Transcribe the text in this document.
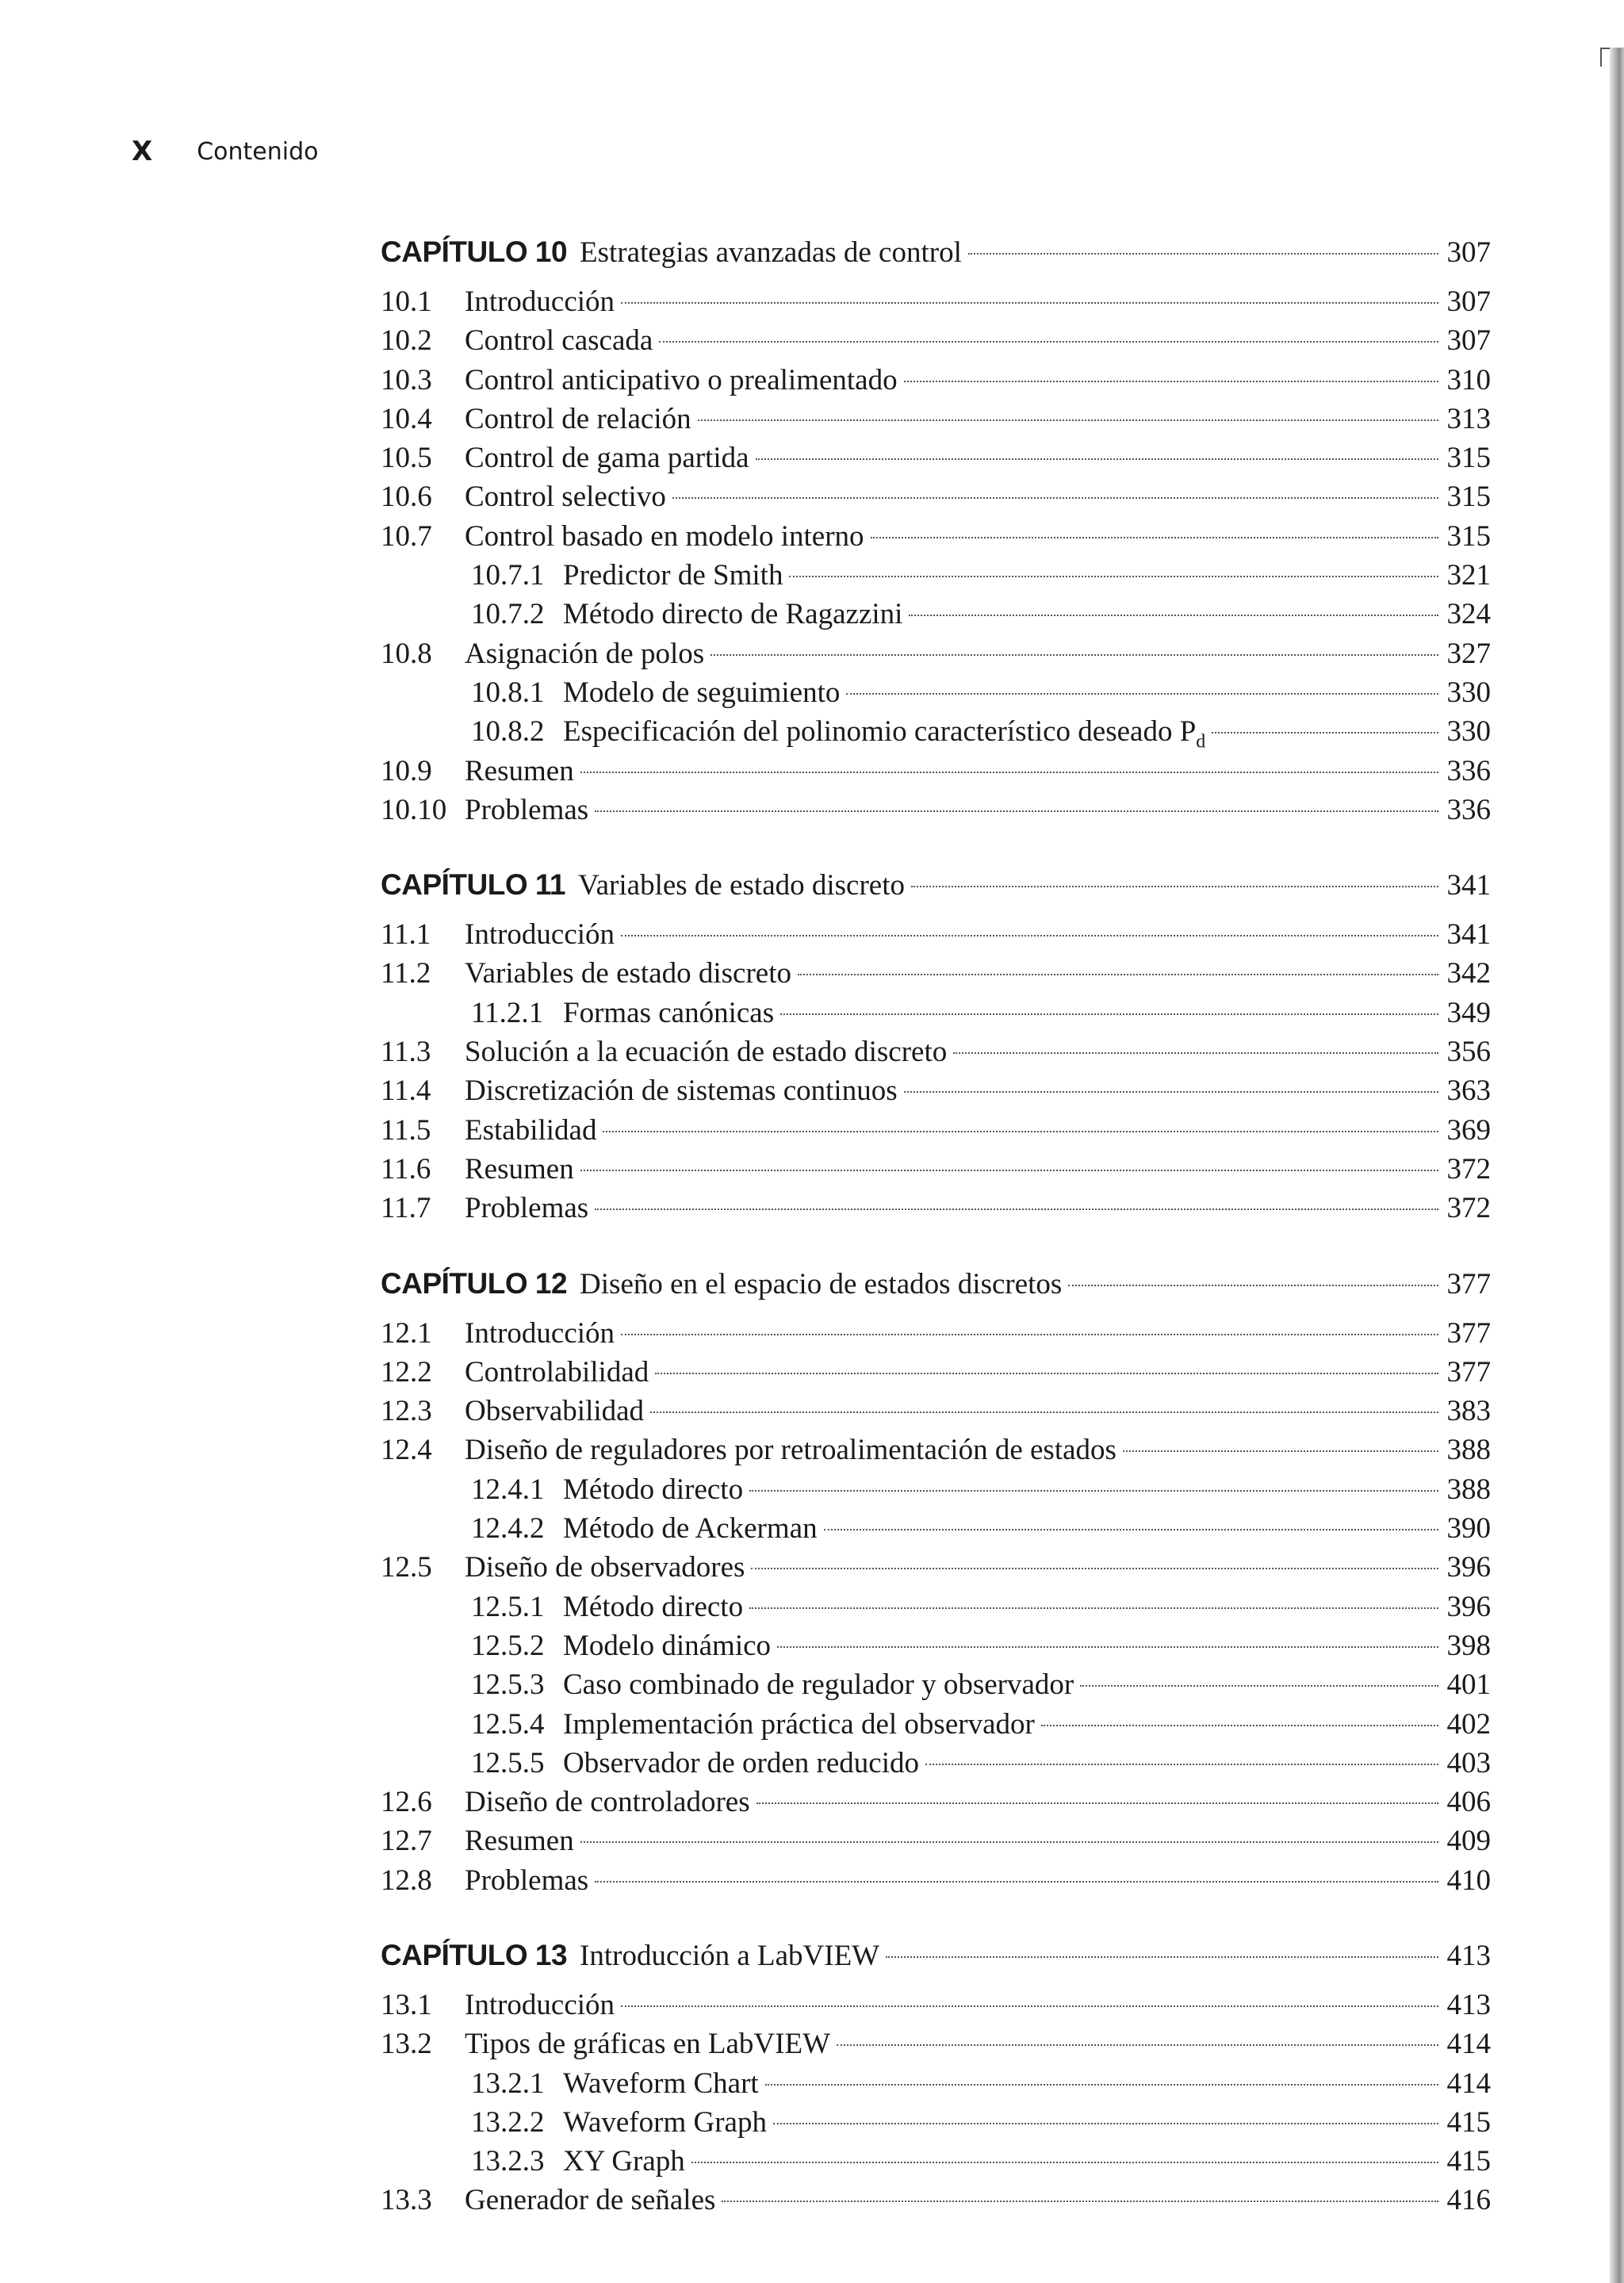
X Contenido
CAPÍTULO 10 Estrategias avanzadas de control	307
10.1	Introducción	307
10.2	Control cascada	307
10.3	Control anticipativo o prealimentado	310
10.4	Control de relación	313
10.5	Control de gama partida	315
10.6	Control selectivo	315
10.7	Control basado en modelo interno	315
10.7.1 Predictor de Smith	321
10.7.2 Método directo de Ragazzini	324
10.8	Asignación de polos	327
10.8.1 Modelo de seguimiento	330
10.8.2 Especificación del polinomio característico deseado $P_d$	330
10.9	Resumen	336
10.10 Problemas	336
CAPÍTULO 11 Variables de estado discreto	341
11.1	Introducción	341
11.2	Variables de estado discreto	342
11.2.1 Formas canónicas	349
11.3	Solución a la ecuación de estado discreto	356
11.4	Discretización de sistemas continuos	363
11.5	Estabilidad	369
11.6	Resumen	372
11.7	Problemas	372
CAPÍTULO 12 Diseño en el espacio de estados discretos	377
12.1	Introducción	377
12.2	Controlabilidad	377
12.3	Observabilidad	383
12.4	Diseño de reguladores por retroalimentación de estados	388
12.4.1 Método directo	388
12.4.2 Método de Ackerman	390
12.5	Diseño de observadores	396
12.5.1 Método directo	396
12.5.2 Modelo dinámico	398
12.5.3 Caso combinado de regulador y observador	401
12.5.4 Implementación práctica del observador	402
12.5.5 Observador de orden reducido	403
12.6	Diseño de controladores	406
12.7	Resumen	409
12.8	Problemas	410
CAPÍTULO 13 Introducción a LabVIEW	413
13.1	Introducción	413
13.2	Tipos de gráficas en LabVIEW	414
13.2.1 Waveform Chart	414
13.2.2 Waveform Graph	415
13.2.3 XY Graph	415
13.3	Generador de señales	416
